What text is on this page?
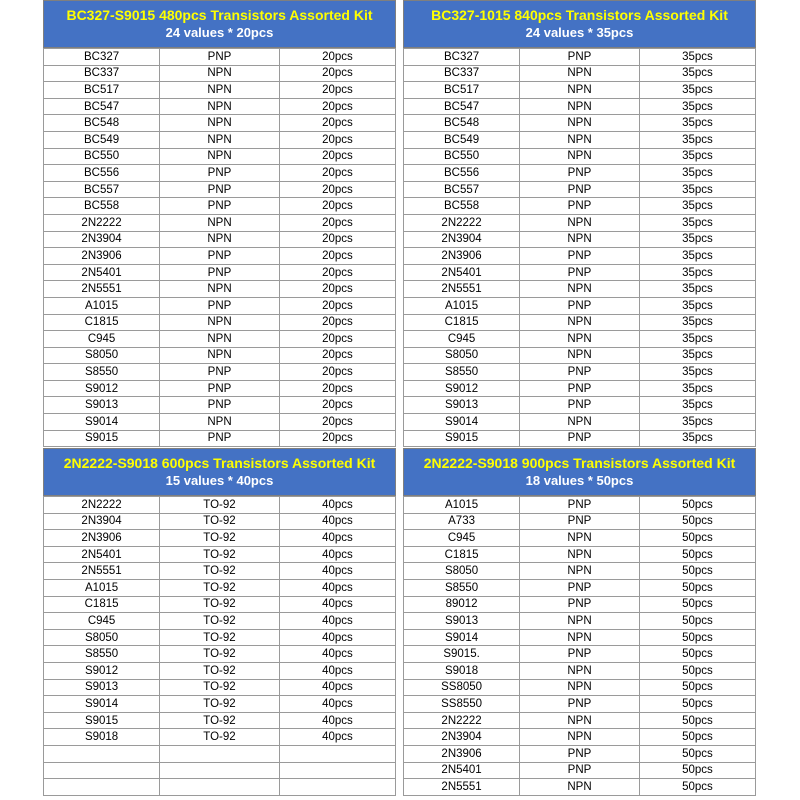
BC327-S9015 480pcs Transistors Assorted Kit
24 values * 20pcs
BC327	PNP	20pcs
BC337	NPN	20pcs
BC517	NPN	20pcs
BC547	NPN	20pcs
BC548	NPN	20pcs
BC549	NPN	20pcs
BC550	NPN	20pcs
BC556	PNP	20pcs
BC557	PNP	20pcs
BC558	PNP	20pcs
2N2222	NPN	20pcs
2N3904	NPN	20pcs
2N3906	PNP	20pcs
2N5401	PNP	20pcs
2N5551	NPN	20pcs
A1015	PNP	20pcs
C1815	NPN	20pcs
C945	NPN	20pcs
S8050	NPN	20pcs
S8550	PNP	20pcs
S9012	PNP	20pcs
S9013	PNP	20pcs
S9014	NPN	20pcs
S9015	PNP	20pcs
BC327-1015 840pcs Transistors Assorted Kit
24 values * 35pcs
BC327	PNP	35pcs
BC337	NPN	35pcs
BC517	NPN	35pcs
BC547	NPN	35pcs
BC548	NPN	35pcs
BC549	NPN	35pcs
BC550	NPN	35pcs
BC556	PNP	35pcs
BC557	PNP	35pcs
BC558	PNP	35pcs
2N2222	NPN	35pcs
2N3904	NPN	35pcs
2N3906	PNP	35pcs
2N5401	PNP	35pcs
2N5551	NPN	35pcs
A1015	PNP	35pcs
C1815	NPN	35pcs
C945	NPN	35pcs
S8050	NPN	35pcs
S8550	PNP	35pcs
S9012	PNP	35pcs
S9013	PNP	35pcs
S9014	NPN	35pcs
S9015	PNP	35pcs
2N2222-S9018 600pcs Transistors Assorted Kit
15 values * 40pcs
2N2222	TO-92	40pcs
2N3904	TO-92	40pcs
2N3906	TO-92	40pcs
2N5401	TO-92	40pcs
2N5551	TO-92	40pcs
A1015	TO-92	40pcs
C1815	TO-92	40pcs
C945	TO-92	40pcs
S8050	TO-92	40pcs
S8550	TO-92	40pcs
S9012	TO-92	40pcs
S9013	TO-92	40pcs
S9014	TO-92	40pcs
S9015	TO-92	40pcs
S9018	TO-92	40pcs

2N2222-S9018 900pcs Transistors Assorted Kit
18 values * 50pcs
A1015	PNP	50pcs
A733	PNP	50pcs
C945	NPN	50pcs
C1815	NPN	50pcs
S8050	NPN	50pcs
S8550	PNP	50pcs
89012	PNP	50pcs
S9013	NPN	50pcs
S9014	NPN	50pcs
S9015.	PNP	50pcs
S9018	NPN	50pcs
SS8050	NPN	50pcs
SS8550	PNP	50pcs
2N2222	NPN	50pcs
2N3904	NPN	50pcs
2N3906	PNP	50pcs
2N5401	PNP	50pcs
2N5551	NPN	50pcs
